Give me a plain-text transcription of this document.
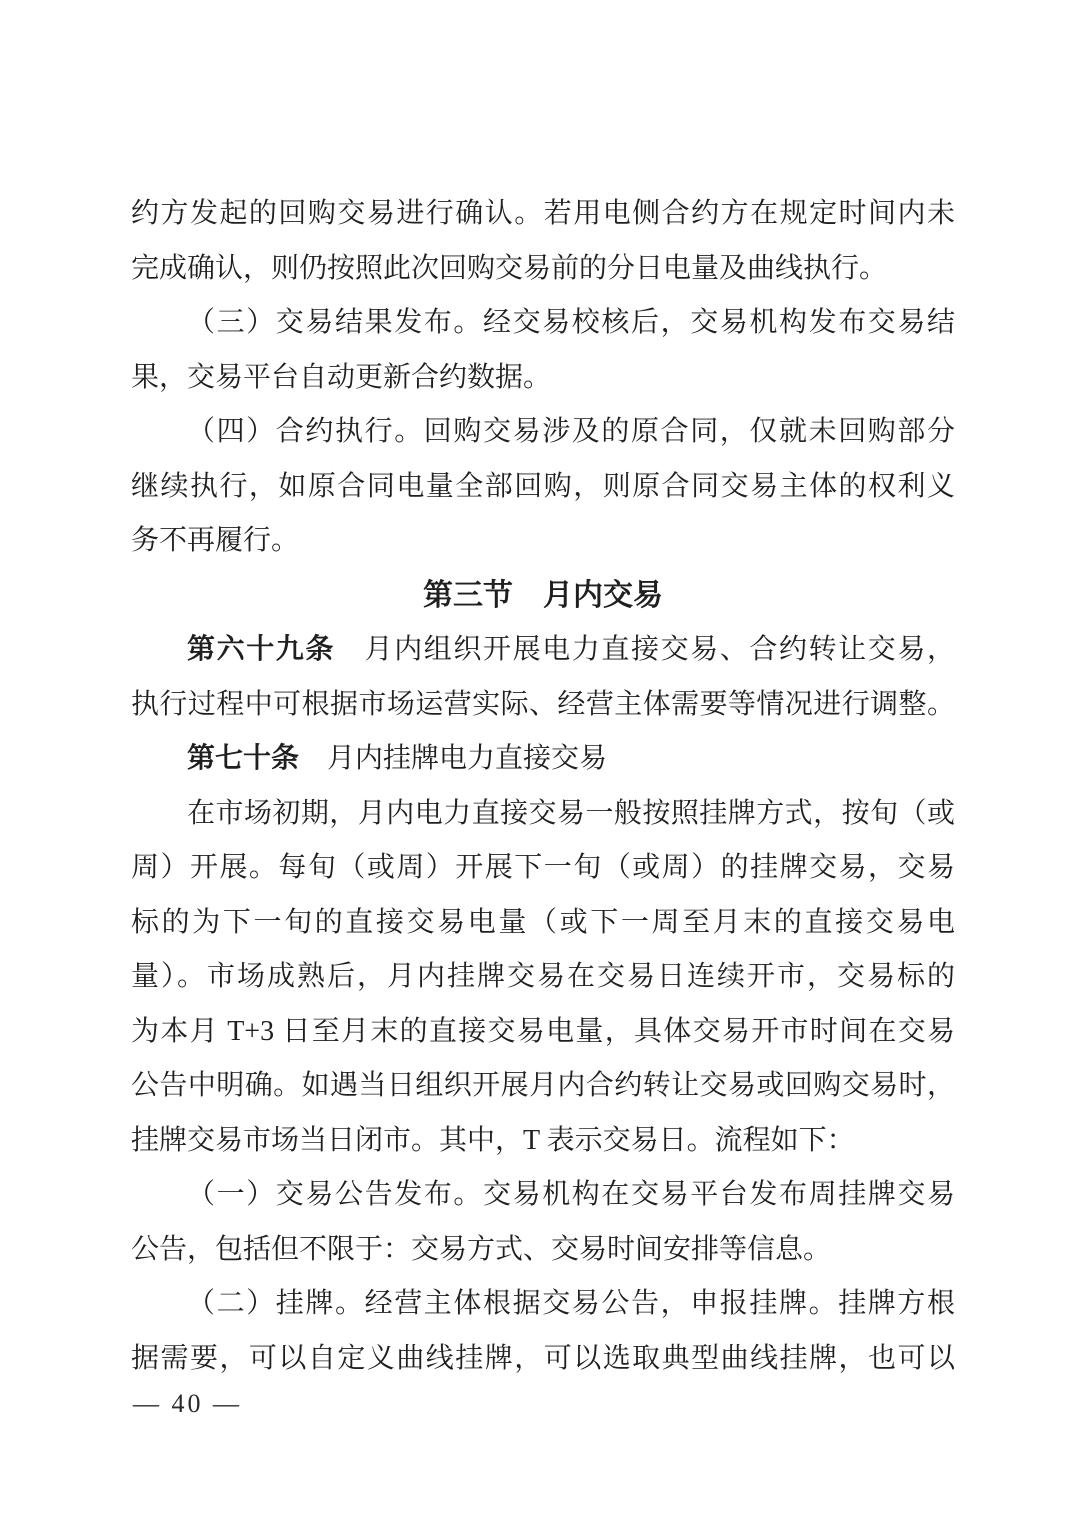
约方发起的回购交易进行确认。若用电侧合约方在规定时间内未
完成确认，则仍按照此次回购交易前的分日电量及曲线执行。
（三）交易结果发布。经交易校核后，交易机构发布交易结
果，交易平台自动更新合约数据。
（四）合约执行。回购交易涉及的原合同，仅就未回购部分
继续执行，如原合同电量全部回购，则原合同交易主体的权利义
务不再履行。
第三节　月内交易
第六十九条　月内组织开展电力直接交易、合约转让交易，
执行过程中可根据市场运营实际、经营主体需要等情况进行调整。
第七十条　月内挂牌电力直接交易
在市场初期，月内电力直接交易一般按照挂牌方式，按旬（或
周）开展。每旬（或周）开展下一旬（或周）的挂牌交易，交易
标的为下一旬的直接交易电量（或下一周至月末的直接交易电
量）。市场成熟后，月内挂牌交易在交易日连续开市，交易标的
为本月 T+3 日至月末的直接交易电量，具体交易开市时间在交易
公告中明确。如遇当日组织开展月内合约转让交易或回购交易时，
挂牌交易市场当日闭市。其中，T 表示交易日。流程如下：
（一）交易公告发布。交易机构在交易平台发布周挂牌交易
公告，包括但不限于：交易方式、交易时间安排等信息。
（二）挂牌。经营主体根据交易公告，申报挂牌。挂牌方根
据需要，可以自定义曲线挂牌，可以选取典型曲线挂牌，也可以
— 40 —
